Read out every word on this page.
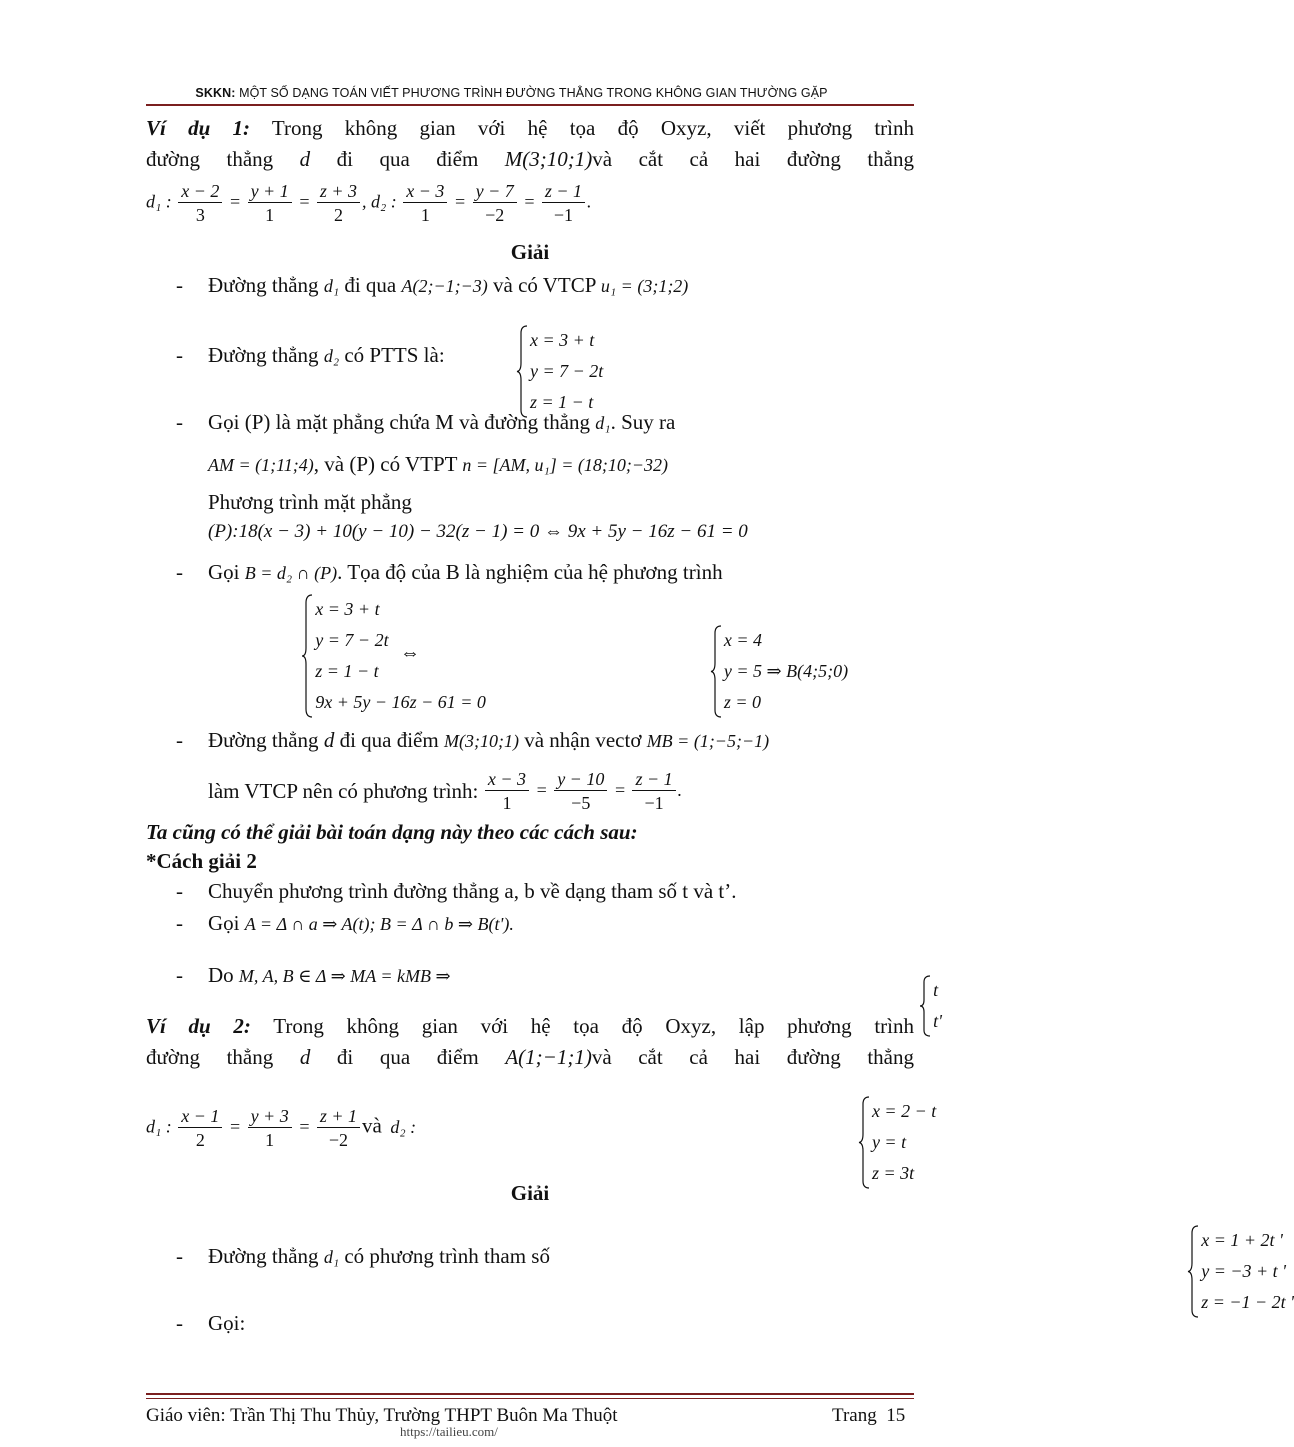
SKKN: MỘT SỐ DẠNG TOÁN VIẾT PHƯƠNG TRÌNH ĐƯỜNG THẲNG TRONG KHÔNG GIAN THƯỜNG GẶP
Ví dụ 1: Trong không gian với hệ tọa độ Oxyz, viết phương trình
đường thẳng d đi qua điểm M(3;10;1)và cắt cả hai đường thẳng
d₁ : $\frac{x - 2}{3} = \frac{y + 1}{1} = \frac{z + 3}{2}$ , d₂ : $\frac{x - 3}{1} = \frac{y - 7}{-2} = \frac{z - 1}{-1}$ .
Giải
- Đường thẳng d₁ đi qua A(2;−1;−3) và có VTCP u₁ = (3;1;2)
- Đường thẳng d₂ có PTTS là:
x = 3 + t
y = 7 − 2t
z = 1 − t

- Gọi (P) là mặt phẳng chứa M và đường thẳng d₁. Suy ra
AM = (1;11;4), và (P) có VTPT n = [AM, u₁] = (18;10;−32)
Phương trình mặt phẳng
(P):18(x − 3) + 10(y − 10) − 32(z − 1) = 0 ⇔ 9x + 5y − 16z − 61 = 0
- Gọi B = d₂ ∩ (P). Tọa độ của B là nghiệm của hệ phương trình
x = 3 + t
y = 7 − 2t
z = 1 − t
9x + 5y − 16z − 61 = 0

⇔
x = 4
y = 5 ⇒ B(4;5;0)
z = 0

- Đường thẳng d đi qua điểm M(3;10;1) và nhận vectơ MB = (1;−5;−1)
làm VTCP nên có phương trình: $\frac{x - 3}{1} = \frac{y - 10}{-5} = \frac{z - 1}{-1}$ .
Ta cũng có thể giải bài toán dạng này theo các cách sau:
*Cách giải 2
- Chuyển phương trình đường thẳng a, b về dạng tham số t và t’.
- Gọi A = Δ ∩ a ⇒ A(t); B = Δ ∩ b ⇒ B(t').
- Do M, A, B ∈ Δ ⇒ MA = kMB ⇒
t
t'

Ví dụ 2: Trong không gian với hệ tọa độ Oxyz, lập phương trình
đường thẳng d đi qua điểm A(1;−1;1)và cắt cả hai đường thẳng
d₁ : $\frac{x - 1}{2} = \frac{y + 3}{1} = \frac{z + 1}{-2}$ và d₂ :
x = 2 − t
y = t
z = 3t

Giải
- Đường thẳng d₁ có phương trình tham số
x = 1 + 2t '
y = −3 + t '
z = −1 − 2t '
- Gọi:
Giáo viên: Trần Thị Thu Thủy, Trường THPT Buôn Ma Thuột
https://tailieu.com/
Trang 15
